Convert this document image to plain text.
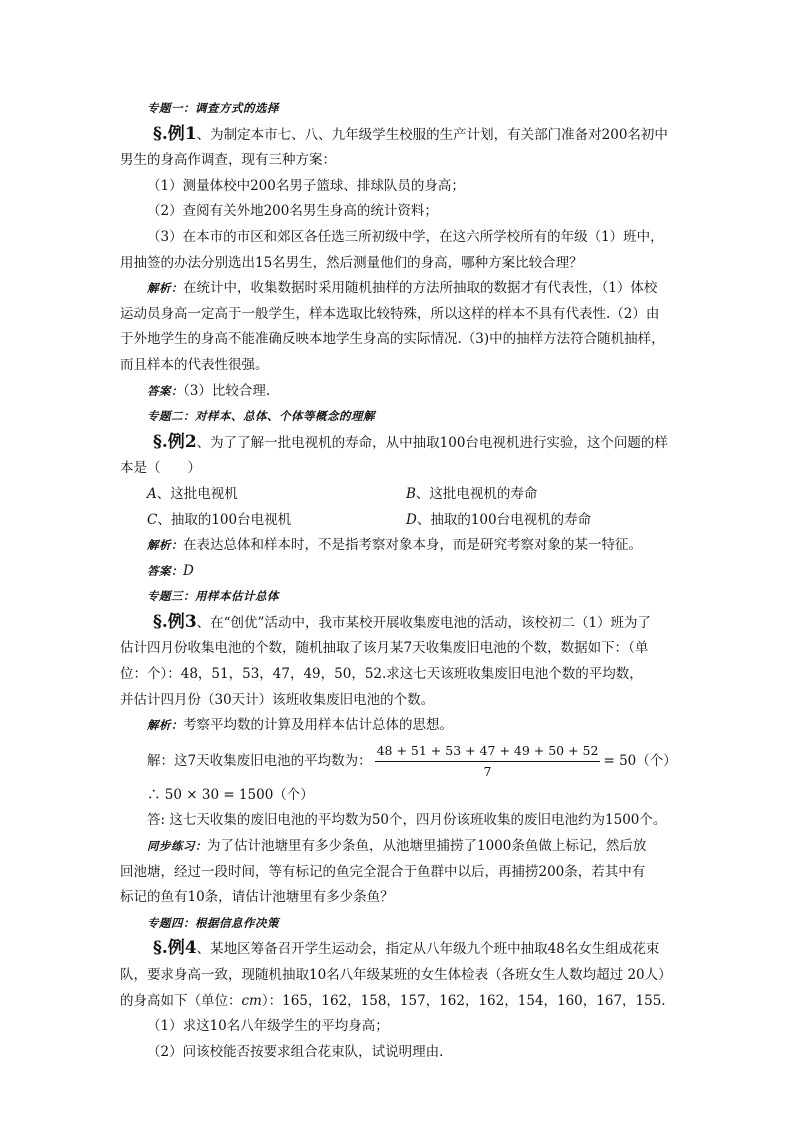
专题一：调查方式的选择
§.例1、为制定本市七、八、九年级学生校服的生产计划，有关部门准备对200名初中
男生的身高作调查，现有三种方案：
（1）测量体校中200名男子篮球、排球队员的身高；
（2）查阅有关外地200名男生身高的统计资料；
（3）在本市的市区和郊区各任选三所初级中学，在这六所学校所有的年级（1）班中，
用抽签的办法分别选出15名男生，然后测量他们的身高，哪种方案比较合理？
解析：在统计中，收集数据时采用随机抽样的方法所抽取的数据才有代表性，（1）体校
运动员身高一定高于一般学生，样本选取比较特殊，所以这样的样本不具有代表性.（2）由
于外地学生的身高不能准确反映本地学生身高的实际情况.（3)中的抽样方法符合随机抽样，
而且样本的代表性很强。
答案：（3）比较合理.
专题二：对样本、总体、个体等概念的理解
§.例2、为了了解一批电视机的寿命，从中抽取100台电视机进行实验，这个问题的样
本是（　　）
A、这批电视机	B、这批电视机的寿命
C、抽取的100台电视机	D、抽取的100台电视机的寿命
解析：在表达总体和样本时，不是指考察对象本身，而是研究考察对象的某一特征。
答案：D
专题三：用样本估计总体
§.例3、在“创优”活动中，我市某校开展收集废电池的活动，该校初二（1）班为了
估计四月份收集电池的个数，随机抽取了该月某7天收集废旧电池的个数，数据如下：（单
位：个）：48，51，53，47，49，50，52.求这七天该班收集废旧电池个数的平均数，
并估计四月份（30天计）该班收集废旧电池的个数。
解析：考察平均数的计算及用样本估计总体的思想。
解：这7天收集废旧电池的平均数为： $\frac{48 + 51 + 53 + 47 + 49 + 50 + 52}{7} = 50$（个）
∴ 50 × 30 = 1500（个）
答: 这七天收集的废旧电池的平均数为50个，四月份该班收集的废旧电池约为1500个。
同步练习：为了估计池塘里有多少条鱼，从池塘里捕捞了1000条鱼做上标记，然后放
回池塘，经过一段时间，等有标记的鱼完全混合于鱼群中以后，再捕捞200条，若其中有
标记的鱼有10条，请估计池塘里有多少条鱼？
专题四：根据信息作决策
§.例4、某地区筹备召开学生运动会，指定从八年级九个班中抽取48名女生组成花束
队，要求身高一致，现随机抽取10名八年级某班的女生体检表（各班女生人数均超过 20人）
的身高如下（单位：cm）：165，162，158，157，162，162，154，160，167，155.
（1）求这10名八年级学生的平均身高；
（2）问该校能否按要求组合花束队，试说明理由.
